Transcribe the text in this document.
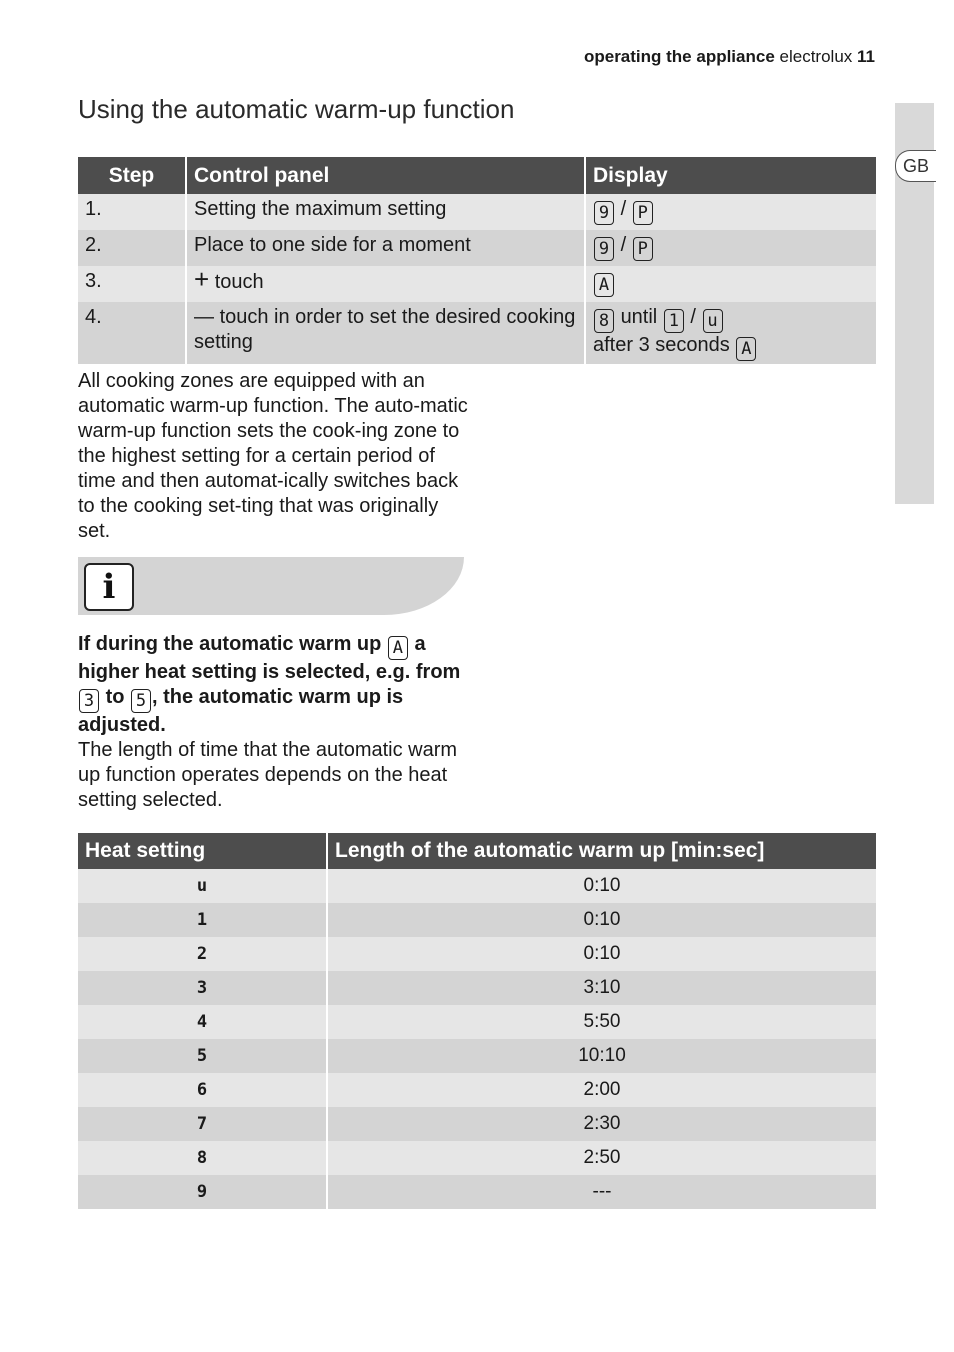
operating the appliance electrolux 11
GB
Using the automatic warm-up function
Step	Control panel	Display
1.	Setting the maximum setting	9 / P
2.	Place to one side for a moment	9 / P
3.	+ touch	A
4.	— touch in order to set the desired cooking setting	8 until 1 / u
after 3 seconds A
All cooking zones are equipped with an automatic warm-up function. The auto-matic warm-up function sets the cook-ing zone to the highest setting for a certain period of time and then automat-ically switches back to the cooking set-ting that was originally set.
i
If during the automatic warm up A a higher heat setting is selected, e.g. from 3 to 5 , the automatic warm up is adjusted.
The length of time that the automatic warm up function operates depends on the heat setting selected.
Heat setting	Length of the automatic warm up [min:sec]
u	0:10
1	0:10
2	0:10
3	3:10
4	5:50
5	10:10
6	2:00
7	2:30
8	2:50
9	---
